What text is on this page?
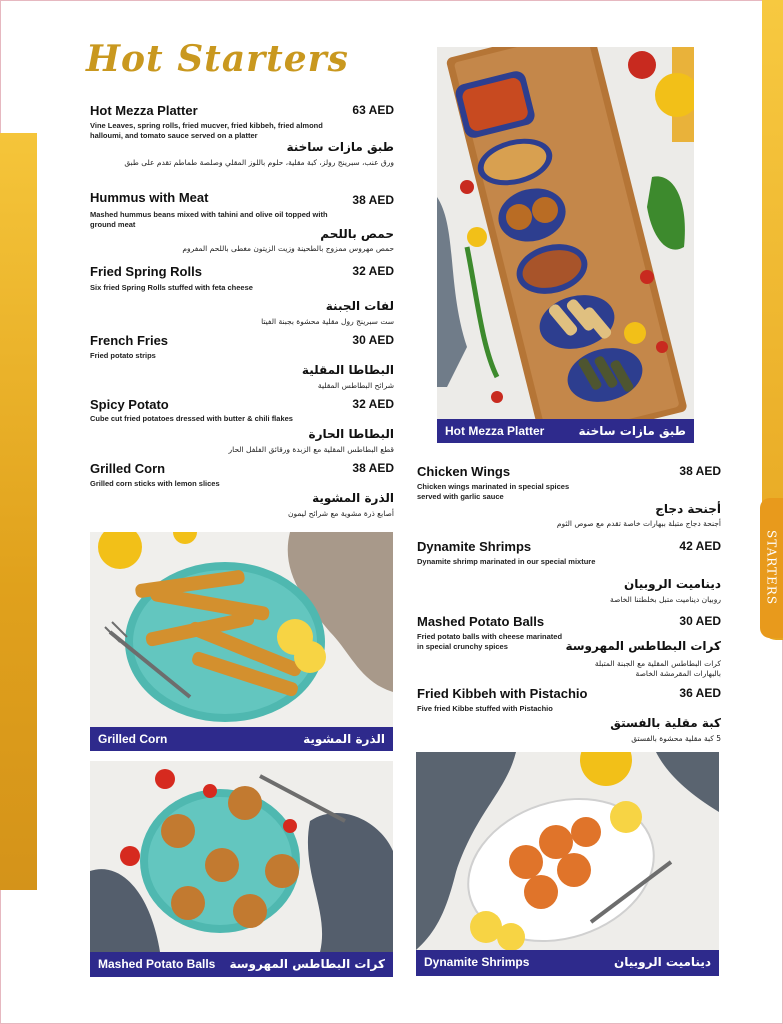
STARTERS
Hot Starters
Hot Mezza Platter	63 AED
Vine Leaves, spring rolls, fried mucver, fried kibbeh, fried almond halloumi, and tomato sauce served on a platter
طبق مازات ساخنة
ورق عنب، سبرينج رولز، كبة مقلية، حلوم باللوز المقلي وصلصة طماطم تقدم على طبق
Hummus with Meat	38 AED
Mashed hummus beans mixed with tahini and olive oil topped with ground meat
حمص باللحم
حمص مهروس ممزوج بالطحينة وزيت الزيتون مغطى باللحم المفروم
Fried Spring Rolls	32 AED
Six fried Spring Rolls stuffed with feta cheese
لفات الجبنة
ست سبرينج رول مقلية محشوة بجبنة الفيتا
French Fries	30 AED
Fried potato strips
البطاطا المقلية
شرائح البطاطس المقلية
Spicy Potato	32 AED
Cube cut fried potatoes dressed with butter & chili flakes
البطاطا الحارة
قطع البطاطس المقلية مع الزبدة ورقائق الفلفل الحار
Grilled Corn	38 AED
Grilled corn sticks with lemon slices
الذرة المشوية
أصابع ذرة مشوية مع شرائح ليمون
Chicken Wings	38 AED
Chicken wings marinated in special spices served with garlic sauce
أجنحة دجاج
أجنحة دجاج متبلة ببهارات خاصة تقدم مع صوص الثوم
Dynamite Shrimps	42 AED
Dynamite shrimp marinated in our special mixture
ديناميت الروبيان
روبيان ديناميت متبل بخلطتنا الخاصة
Mashed Potato Balls	30 AED
Fried potato balls with cheese marinated in special crunchy spices	كرات البطاطس المهروسة
كرات البطاطس المقلية مع الجبنة المتبلة بالبهارات المقرمشة الخاصة
Fried Kibbeh with Pistachio	36 AED
Five fried Kibbe stuffed with Pistachio
كبة مقلية بالفستق
5 كبة مقلية محشوة بالفستق
Hot Mezza Platter	طبق مازات ساخنة
Grilled Corn	الذرة المشوية
Mashed Potato Balls كرات البطاطس المهروسة	Dynamite Shrimps	ديناميت الروبيان
